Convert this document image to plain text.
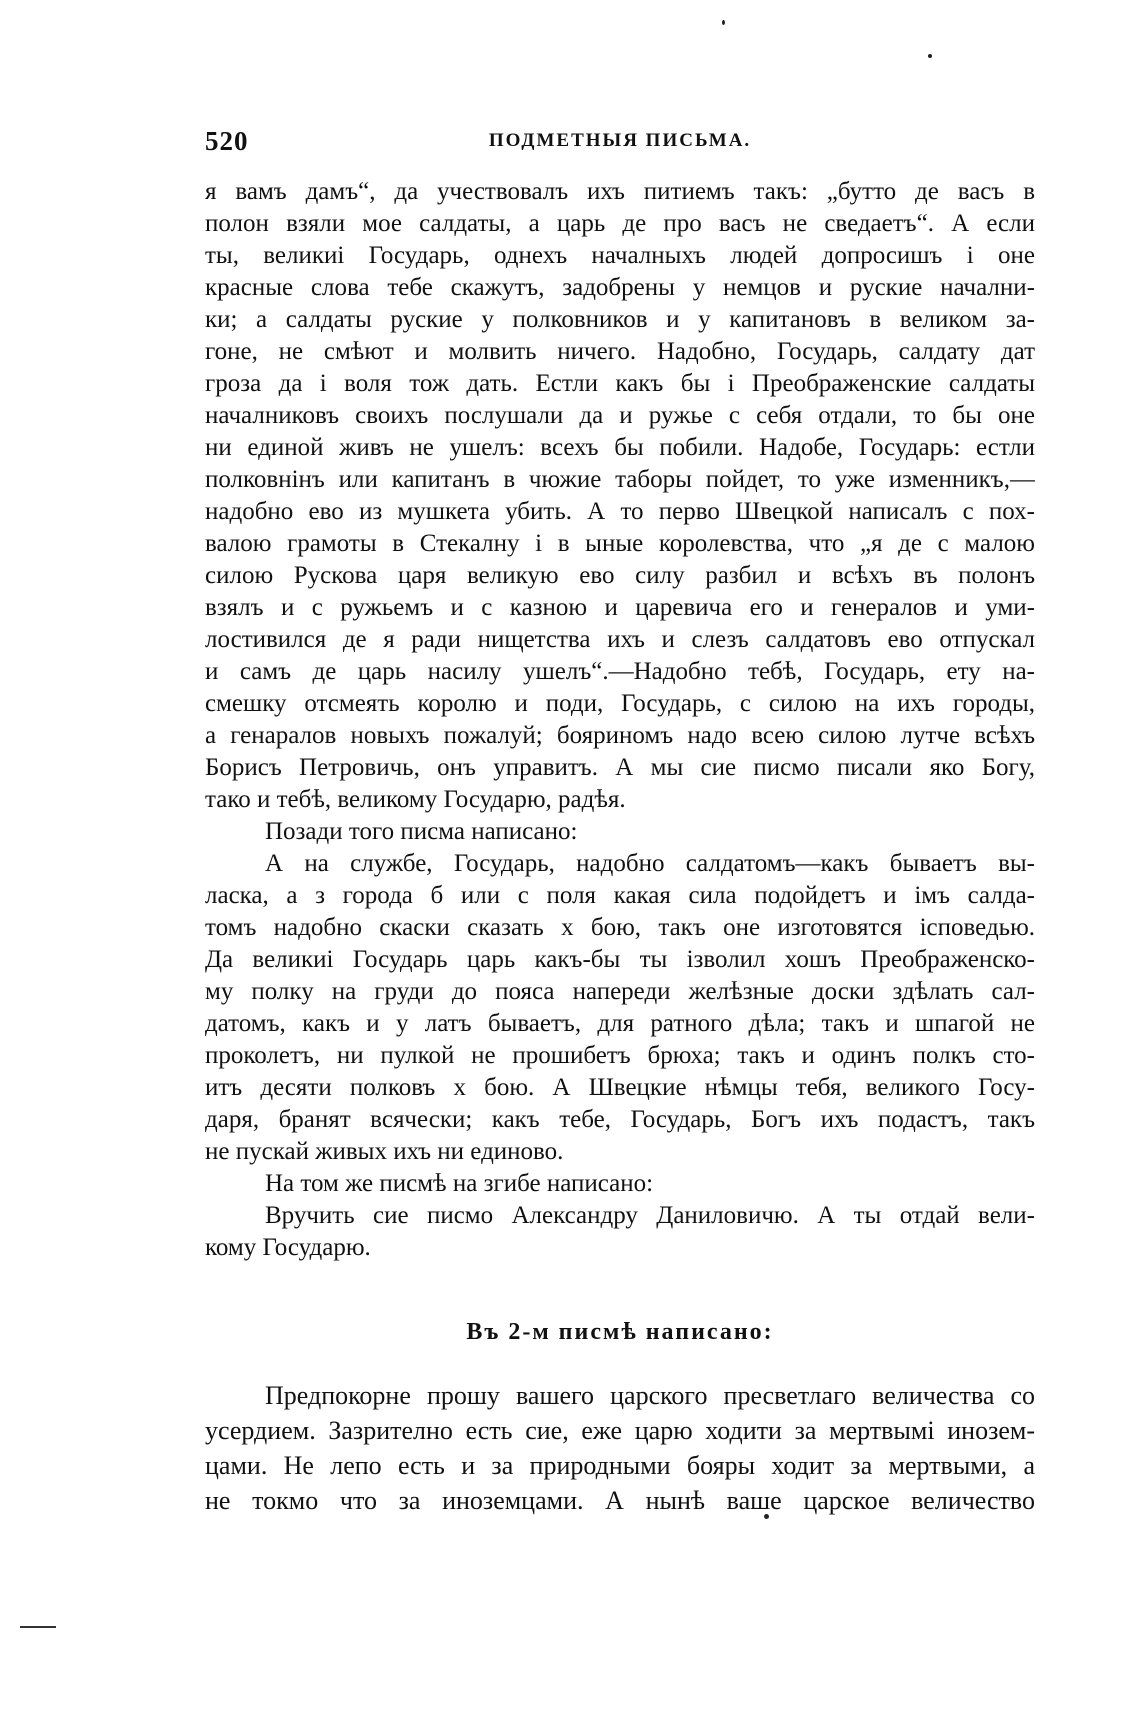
520	ПОДМЕТНЫЯ ПИСЬМА.
я вамъ дамъ“, да учествовалъ ихъ питиемъ такъ: „бутто де васъ в
полон взяли мое салдаты, а царь де про васъ не сведаетъ“. А если
ты, великиі Государь, однехъ началныхъ людей допросишъ і оне
красные слова тебе скажутъ, задобрены у немцов и руские начални-
ки; а салдаты руские у полковников и у капитановъ в великом за-
гоне, не смѣют и молвить ничего. Надобно, Государь, салдату дат
гроза да і воля тож дать. Естли какъ бы і Преображенские салдаты
началниковъ своихъ послушали да и ружье с себя отдали, то бы оне
ни единой живъ не ушелъ: всехъ бы побили. Надобе, Государь: естли
полковнінъ или капитанъ в чюжие таборы пойдет, то уже изменникъ,—
надобно ево из мушкета убить. А то перво Швецкой написалъ с пох-
валою грамоты в Стекалну і в ыные королевства, что „я де с малою
силою Рускова царя великую ево силу разбил и всѣхъ въ полонъ
взялъ и с ружьемъ и с казною и царевича его и генералов и уми-
лостивился де я ради нищетства ихъ и слезъ салдатовъ ево отпускал
и самъ де царь насилу ушелъ“.—Надобно тебѣ, Государь, ету на-
смешку отсмеять королю и поди, Государь, с силою на ихъ городы,
а генаралов новыхъ пожалуй; бояриномъ надо всею силою лутче всѣхъ
Борисъ Петровичь, онъ управитъ. А мы сие писмо писали яко Богу,
тако и тебѣ, великому Государю, радѣя.
Позади того писма написано:
А на службе, Государь, надобно салдатомъ—какъ бываетъ вы-
ласка, а з города б или с поля какая сила подойдетъ и імъ салда-
томъ надобно скаски сказать х бою, такъ оне изготовятся іcповедью.
Да великиі Государь царь какъ-бы ты ізволил хошъ Преображенско-
му полку на груди до пояса напереди желѣзные доски здѣлать сал-
датомъ, какъ и у латъ бываетъ, для ратного дѣла; такъ и шпагой не
проколетъ, ни пулкой не прошибетъ брюха; такъ и одинъ полкъ сто-
итъ десяти полковъ х бою. А Швецкие нѣмцы тебя, великого Госу-
даря, бранят всячески; какъ тебе, Государь, Богъ ихъ подастъ, такъ
не пускай живых ихъ ни единово.
На том же писмѣ на згибе написано:
Вручить сие писмо Александру Даниловичю. А ты отдай вели-
кому Государю.
Въ 2-м писмѣ написано:
Предпокорне прошу вашего царского пресветлаго величества со
усердием. Зазрително есть сие, еже царю ходити за мертвымі инозем-
цами. Не лепо есть и за природными бояры ходит за мертвыми, а
не токмо что за иноземцами. А нынѣ ваше царское величество
